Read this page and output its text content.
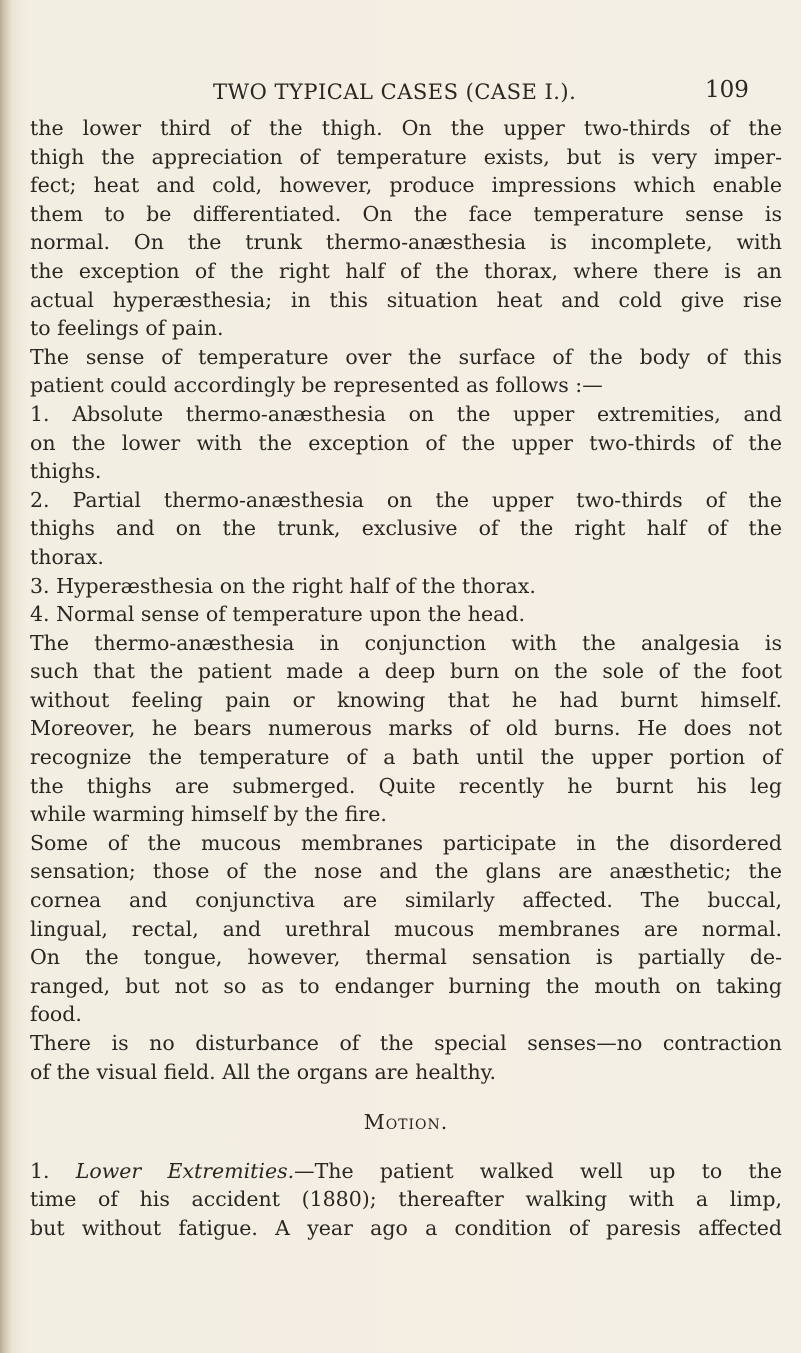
TWO TYPICAL CASES (CASE I.).	109
the lower third of the thigh. On the upper two-thirds of the
thigh the appreciation of temperature exists, but is very imper-
fect; heat and cold, however, produce impressions which enable
them to be differentiated. On the face temperature sense is
normal. On the trunk thermo-anæsthesia is incomplete, with
the exception of the right half of the thorax, where there is an
actual hyperæsthesia; in this situation heat and cold give rise
to feelings of pain.
The sense of temperature over the surface of the body of this
patient could accordingly be represented as follows :—
1. Absolute thermo-anæsthesia on the upper extremities, and
on the lower with the exception of the upper two-thirds of the
thighs.
2. Partial thermo-anæsthesia on the upper two-thirds of the
thighs and on the trunk, exclusive of the right half of the
thorax.
3. Hyperæsthesia on the right half of the thorax.
4. Normal sense of temperature upon the head.
The thermo-anæsthesia in conjunction with the analgesia is
such that the patient made a deep burn on the sole of the foot
without feeling pain or knowing that he had burnt himself.
Moreover, he bears numerous marks of old burns. He does not
recognize the temperature of a bath until the upper portion of
the thighs are submerged. Quite recently he burnt his leg
while warming himself by the fire.
Some of the mucous membranes participate in the disordered
sensation; those of the nose and the glans are anæsthetic; the
cornea and conjunctiva are similarly affected. The buccal,
lingual, rectal, and urethral mucous membranes are normal.
On the tongue, however, thermal sensation is partially de-
ranged, but not so as to endanger burning the mouth on taking
food.
There is no disturbance of the special senses—no contraction
of the visual field. All the organs are healthy.
Motion.
1. Lower Extremities.—The patient walked well up to the
time of his accident (1880); thereafter walking with a limp,
but without fatigue. A year ago a condition of paresis affected
